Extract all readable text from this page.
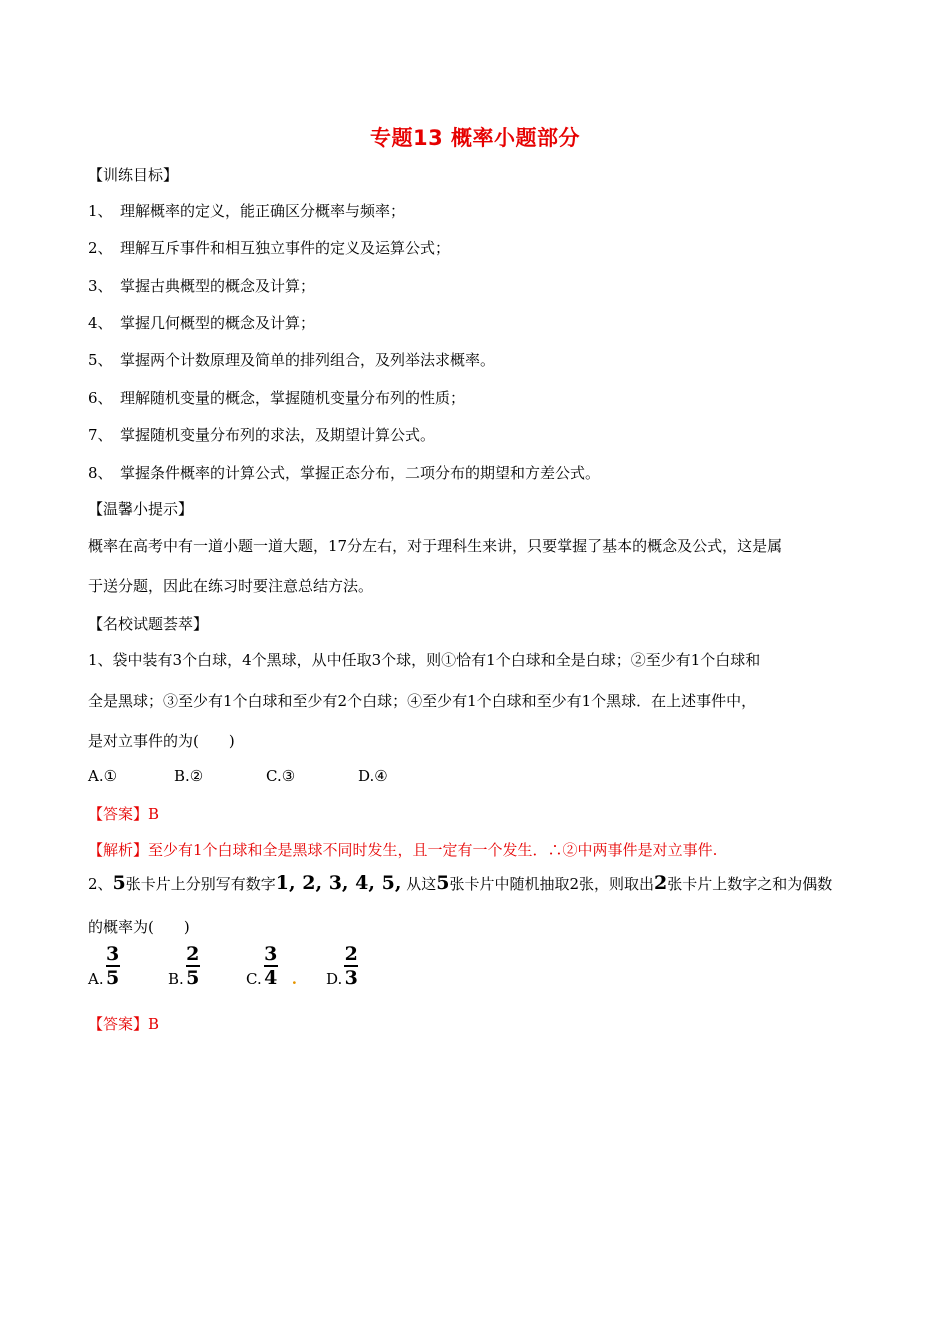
专题13 概率小题部分
【训练目标】
1、 理解概率的定义，能正确区分概率与频率；
2、 理解互斥事件和相互独立事件的定义及运算公式；
3、 掌握古典概型的概念及计算；
4、 掌握几何概型的概念及计算；
5、 掌握两个计数原理及简单的排列组合，及列举法求概率。
6、 理解随机变量的概念，掌握随机变量分布列的性质；
7、 掌握随机变量分布列的求法，及期望计算公式。
8、 掌握条件概率的计算公式，掌握正态分布，二项分布的期望和方差公式。
【温馨小提示】
概率在高考中有一道小题一道大题，17分左右，对于理科生来讲，只要掌握了基本的概念及公式，这是属
于送分题，因此在练习时要注意总结方法。
【名校试题荟萃】
1、袋中装有3个白球，4个黑球，从中任取3个球，则①恰有1个白球和全是白球；②至少有1个白球和
全是黑球；③至少有1个白球和至少有2个白球；④至少有1个白球和至少有1个黑球．在上述事件中，
是对立事件的为(　　)
A.①	B.②	C.③	D.④
【答案】B
【解析】至少有1个白球和全是黑球不同时发生，且一定有一个发生．∴②中两事件是对立事件.
2、5张卡片上分别写有数字1, 2, 3, 4, 5, 从这5张卡片中随机抽取2张，则取出2张卡片上数字之和为偶数
的概率为(　　)
A. $\frac{3}{5}$	B. $\frac{2}{5}$	C. $\frac{3}{4}$ . D. $\frac{2}{3}$
【答案】B
